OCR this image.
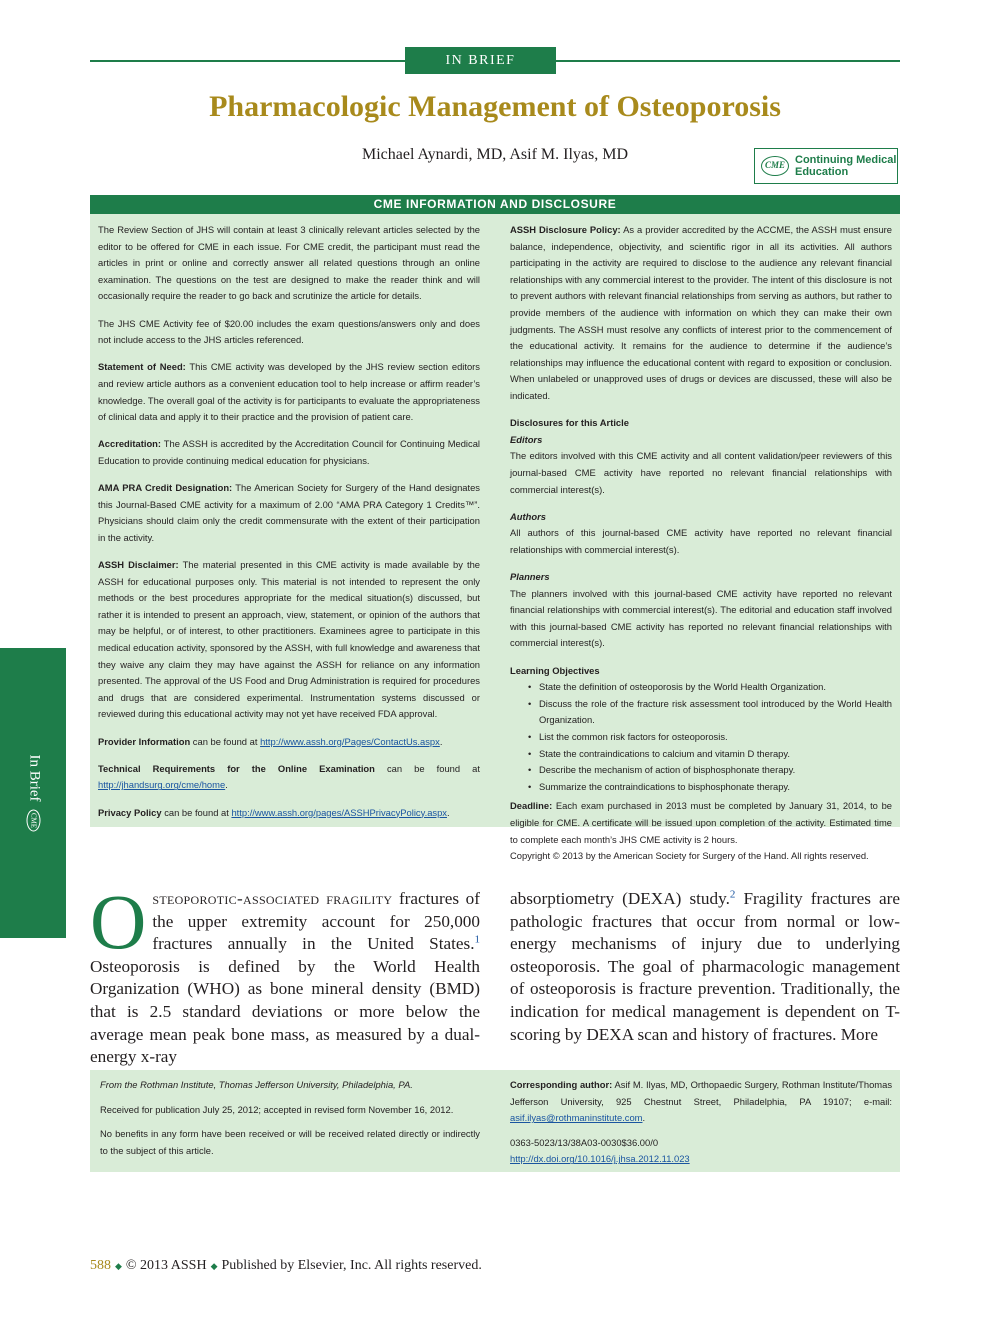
IN BRIEF
Pharmacologic Management of Osteoporosis
Michael Aynardi, MD, Asif M. Ilyas, MD
CME Continuing Medical
Education
CME INFORMATION AND DISCLOSURE

The Review Section of JHS will contain at least 3 clinically relevant articles selected by the editor to be offered for CME in each issue. For CME credit, the participant must read the articles in print or online and correctly answer all related questions through an online examination. The questions on the test are designed to make the reader think and will occasionally require the reader to go back and scrutinize the article for details.

The JHS CME Activity fee of $20.00 includes the exam questions/answers only and does not include access to the JHS articles referenced.

Statement of Need: This CME activity was developed by the JHS review section editors and review article authors as a convenient education tool to help increase or affirm reader’s knowledge. The overall goal of the activity is for participants to evaluate the appropriateness of clinical data and apply it to their practice and the provision of patient care.

Accreditation: The ASSH is accredited by the Accreditation Council for Continuing Medical Education to provide continuing medical education for physicians.

AMA PRA Credit Designation: The American Society for Surgery of the Hand designates this Journal-Based CME activity for a maximum of 2.00 “AMA PRA Category 1 Credits™”. Physicians should claim only the credit commensurate with the extent of their participation in the activity.

ASSH Disclaimer: The material presented in this CME activity is made available by the ASSH for educational purposes only. This material is not intended to represent the only methods or the best procedures appropriate for the medical situation(s) discussed, but rather it is intended to present an approach, view, statement, or opinion of the authors that may be helpful, or of interest, to other practitioners. Examinees agree to participate in this medical education activity, sponsored by the ASSH, with full knowledge and awareness that they waive any claim they may have against the ASSH for reliance on any information presented. The approval of the US Food and Drug Administration is required for procedures and drugs that are considered experimental. Instrumentation systems discussed or reviewed during this educational activity may not yet have received FDA approval.

Provider Information can be found at http://www.assh.org/Pages/ContactUs.aspx.

Technical Requirements for the Online Examination can be found at http://jhandsurg.org/cme/home.

Privacy Policy can be found at http://www.assh.org/pages/ASSHPrivacyPolicy.aspx.

ASSH Disclosure Policy: As a provider accredited by the ACCME, the ASSH must ensure balance, independence, objectivity, and scientific rigor in all its activities. All authors participating in the activity are required to disclose to the audience any relevant financial relationships with any commercial interest to the provider. The intent of this disclosure is not to prevent authors with relevant financial relationships from serving as authors, but rather to provide members of the audience with information on which they can make their own judgments. The ASSH must resolve any conflicts of interest prior to the commencement of the educational activity. It remains for the audience to determine if the audience’s relationships may influence the educational content with regard to exposition or conclusion. When unlabeled or unapproved uses of drugs or devices are discussed, these will also be indicated.

Disclosures for this Article
Editors

The editors involved with this CME activity and all content validation/peer reviewers of this journal-based CME activity have reported no relevant financial relationships with commercial interest(s).

Authors

All authors of this journal-based CME activity have reported no relevant financial relationships with commercial interest(s).

Planners

The planners involved with this journal-based CME activity have reported no relevant financial relationships with commercial interest(s). The editorial and education staff involved with this journal-based CME activity has reported no relevant financial relationships with commercial interest(s).

Learning Objectives
• State the definition of osteoporosis by the World Health Organization.
• Discuss the role of the fracture risk assessment tool introduced by the World Health Organization.
• List the common risk factors for osteoporosis.
• State the contraindications to calcium and vitamin D therapy.
• Describe the mechanism of action of bisphosphonate therapy.
• Summarize the contraindications to bisphosphonate therapy.

Deadline: Each exam purchased in 2013 must be completed by January 31, 2014, to be eligible for CME. A certificate will be issued upon completion of the activity. Estimated time to complete each month’s JHS CME activity is 2 hours.

Copyright © 2013 by the American Society for Surgery of the Hand. All rights reserved.

In Brief
CME
Osteoporotic-associated fragility fractures of the upper extremity account for 250,000 fractures annually in the United States.$^1$ Osteoporosis is defined by the World Health Organization (WHO) as bone mineral density (BMD) that is 2.5 standard deviations or more below the average mean peak bone mass, as measured by a dual-energy x-ray
absorptiometry (DEXA) study.$^2$ Fragility fractures are pathologic fractures that occur from normal or low-energy mechanisms of injury due to underlying osteoporosis. The goal of pharmacologic management of osteoporosis is fracture prevention. Traditionally, the indication for medical management is dependent on T-scoring by DEXA scan and history of fractures. More

From the Rothman Institute, Thomas Jefferson University, Philadelphia, PA.

Received for publication July 25, 2012; accepted in revised form November 16, 2012.

No benefits in any form have been received or will be received related directly or indirectly to the subject of this article.

Corresponding author: Asif M. Ilyas, MD, Orthopaedic Surgery, Rothman Institute/Thomas Jefferson University, 925 Chestnut Street, Philadelphia, PA 19107; e-mail: asif.ilyas@rothmaninstitute.com.

0363-5023/13/38A03-0030$36.00/0
http://dx.doi.org/10.1016/j.jhsa.2012.11.023
588 ◆ © 2013 ASSH ◆ Published by Elsevier, Inc. All rights reserved.
